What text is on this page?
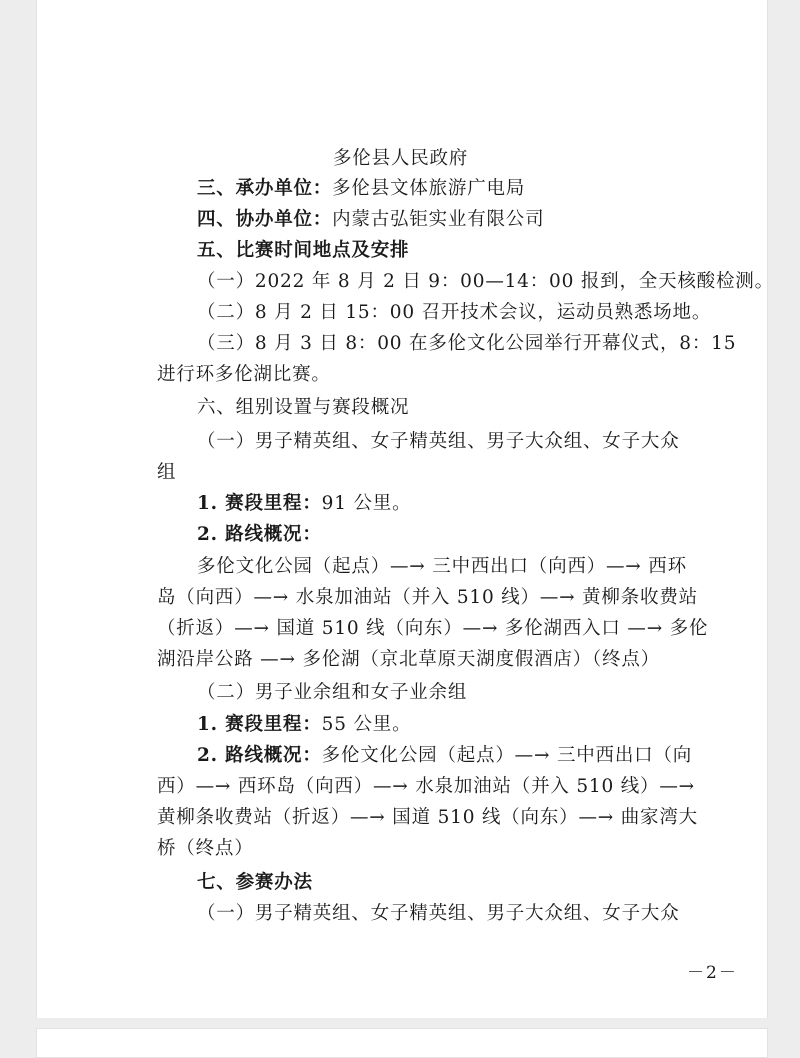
多伦县人民政府
三、承办单位：多伦县文体旅游广电局
四、协办单位：内蒙古弘钜实业有限公司
五、比赛时间地点及安排
（一）2022 年 8 月 2 日 9：00—14：00 报到，全天核酸检测。
（二）8 月 2 日 15：00 召开技术会议，运动员熟悉场地。
（三）8 月 3 日 8：00 在多伦文化公园举行开幕仪式，8：15
进行环多伦湖比赛。
六、组别设置与赛段概况
（一）男子精英组、女子精英组、男子大众组、女子大众
组
1. 赛段里程：91 公里。
2. 路线概况：
多伦文化公园（起点）—→ 三中西出口（向西）—→ 西环
岛（向西）—→ 水泉加油站（并入 510 线）—→ 黄柳条收费站
（折返）—→ 国道 510 线（向东）—→ 多伦湖西入口 —→ 多伦
湖沿岸公路 —→ 多伦湖（京北草原天湖度假酒店）（终点）
（二）男子业余组和女子业余组
1. 赛段里程：55 公里。
2. 路线概况：多伦文化公园（起点）—→ 三中西出口（向
西）—→ 西环岛（向西）—→ 水泉加油站（并入 510 线）—→
黄柳条收费站（折返）—→ 国道 510 线（向东）—→ 曲家湾大
桥（终点）
七、参赛办法
（一）男子精英组、女子精英组、男子大众组、女子大众
－2－
